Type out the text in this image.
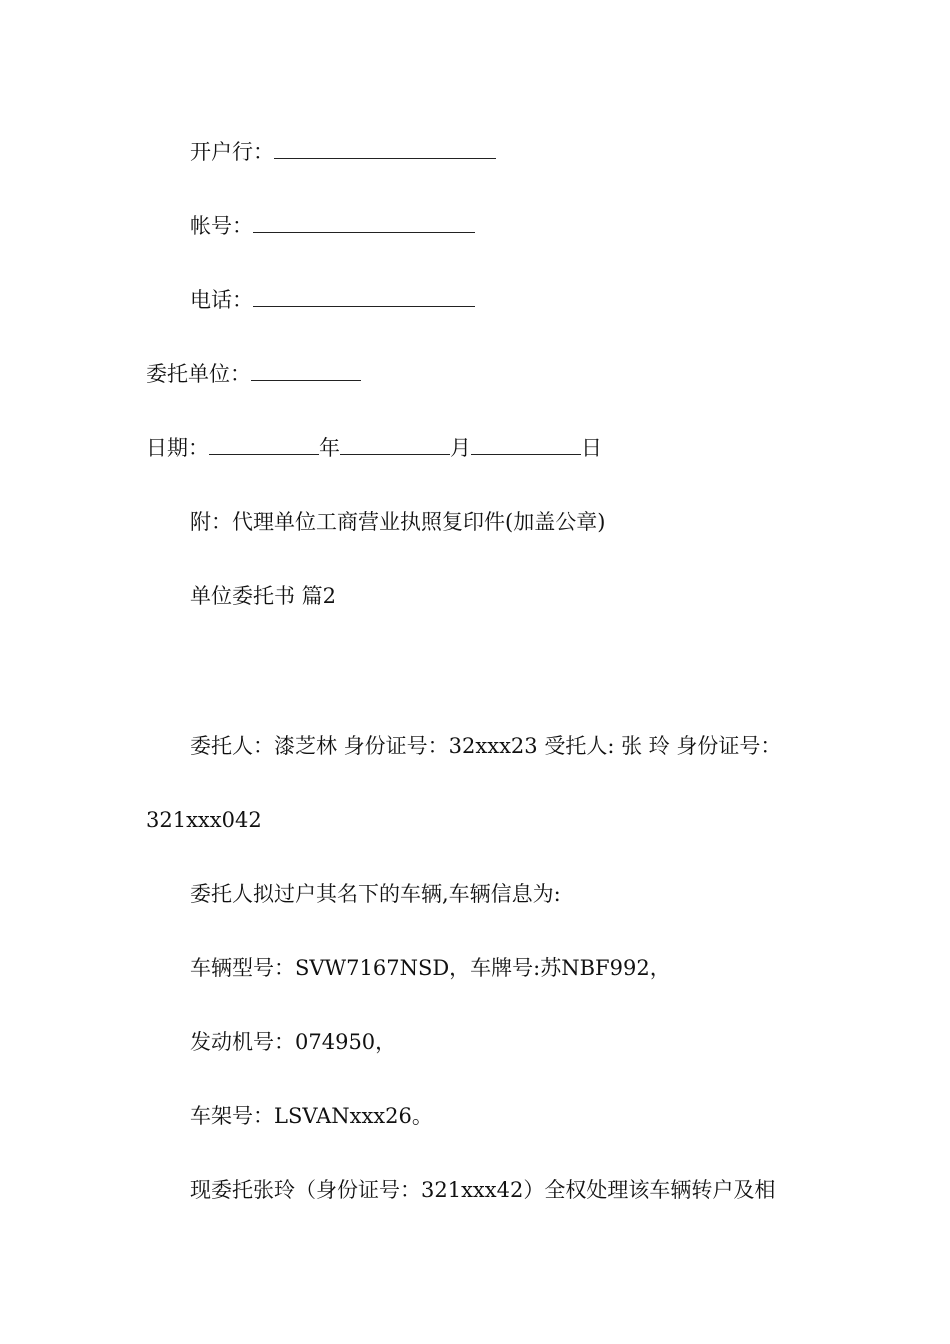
开户行：
帐号：
电话：
委托单位：
日期：	年	月	日
附：代理单位工商营业执照复印件(加盖公章)
单位委托书 篇2
委托人：漆芝林 身份证号：32xxx23 受托人: 张 玲 身份证号：
321xxx042
委托人拟过户其名下的车辆,车辆信息为:
车辆型号：SVW7167NSD，车牌号:苏NBF992，
发动机号：074950，
车架号：LSVANxxx26。
现委托张玲（身份证号：321xxx42）全权处理该车辆转户及相
